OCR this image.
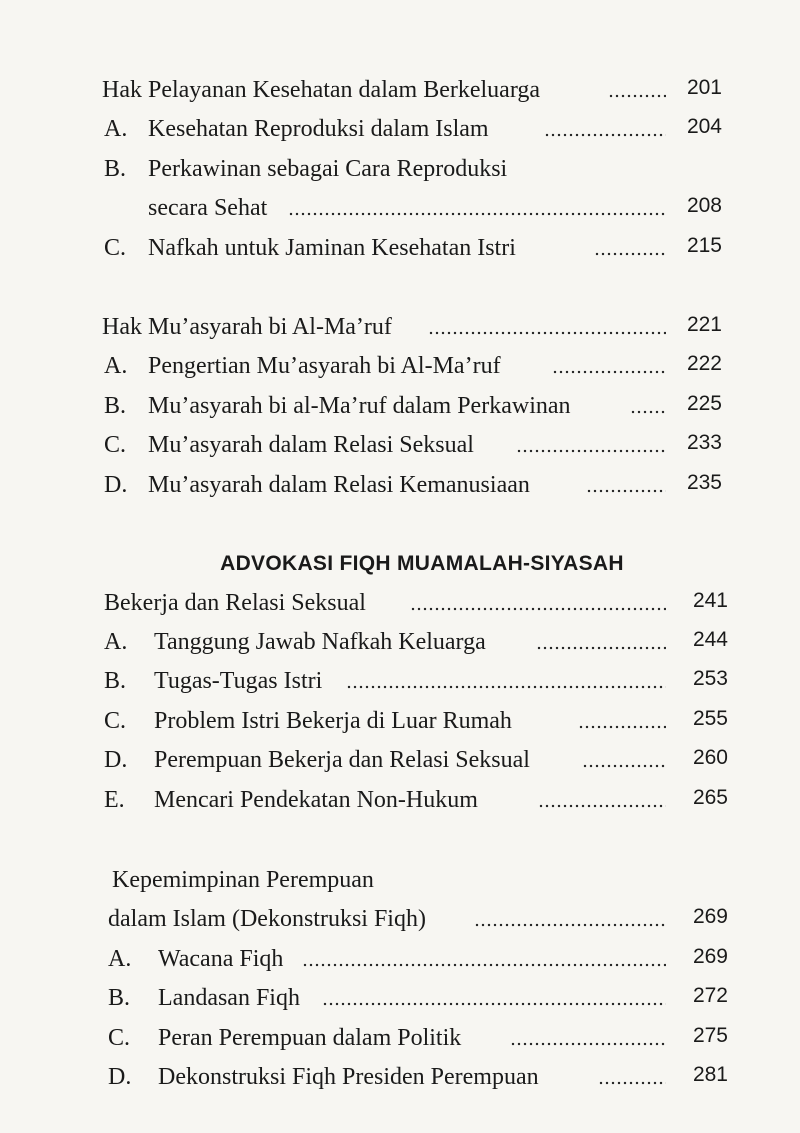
Hak Pelayanan Kesehatan dalam Berkeluarga	201
A. Kesehatan Reproduksi dalam Islam	204
B. Perkawinan sebagai Cara Reproduksi
secara Sehat	208
C. Nafkah untuk Jaminan Kesehatan Istri	215
Hak Mu’asyarah bi Al-Ma’ruf	221
A. Pengertian Mu’asyarah bi Al-Ma’ruf	222
B. Mu’asyarah bi al-Ma’ruf dalam Perkawinan	225
C. Mu’asyarah dalam Relasi Seksual	233
D. Mu’asyarah dalam Relasi Kemanusiaan	235
ADVOKASI FIQH MUAMALAH-SIYASAH
Bekerja dan Relasi Seksual	241
A. Tanggung Jawab Nafkah Keluarga	244
B. Tugas-Tugas Istri	253
C. Problem Istri Bekerja di Luar Rumah	255
D. Perempuan Bekerja dan Relasi Seksual	260
E. Mencari Pendekatan Non-Hukum	265
Kepemimpinan Perempuan
dalam Islam (Dekonstruksi Fiqh)	269
A. Wacana Fiqh	269
B. Landasan Fiqh	272
C. Peran Perempuan dalam Politik	275
D. Dekonstruksi Fiqh Presiden Perempuan	281
